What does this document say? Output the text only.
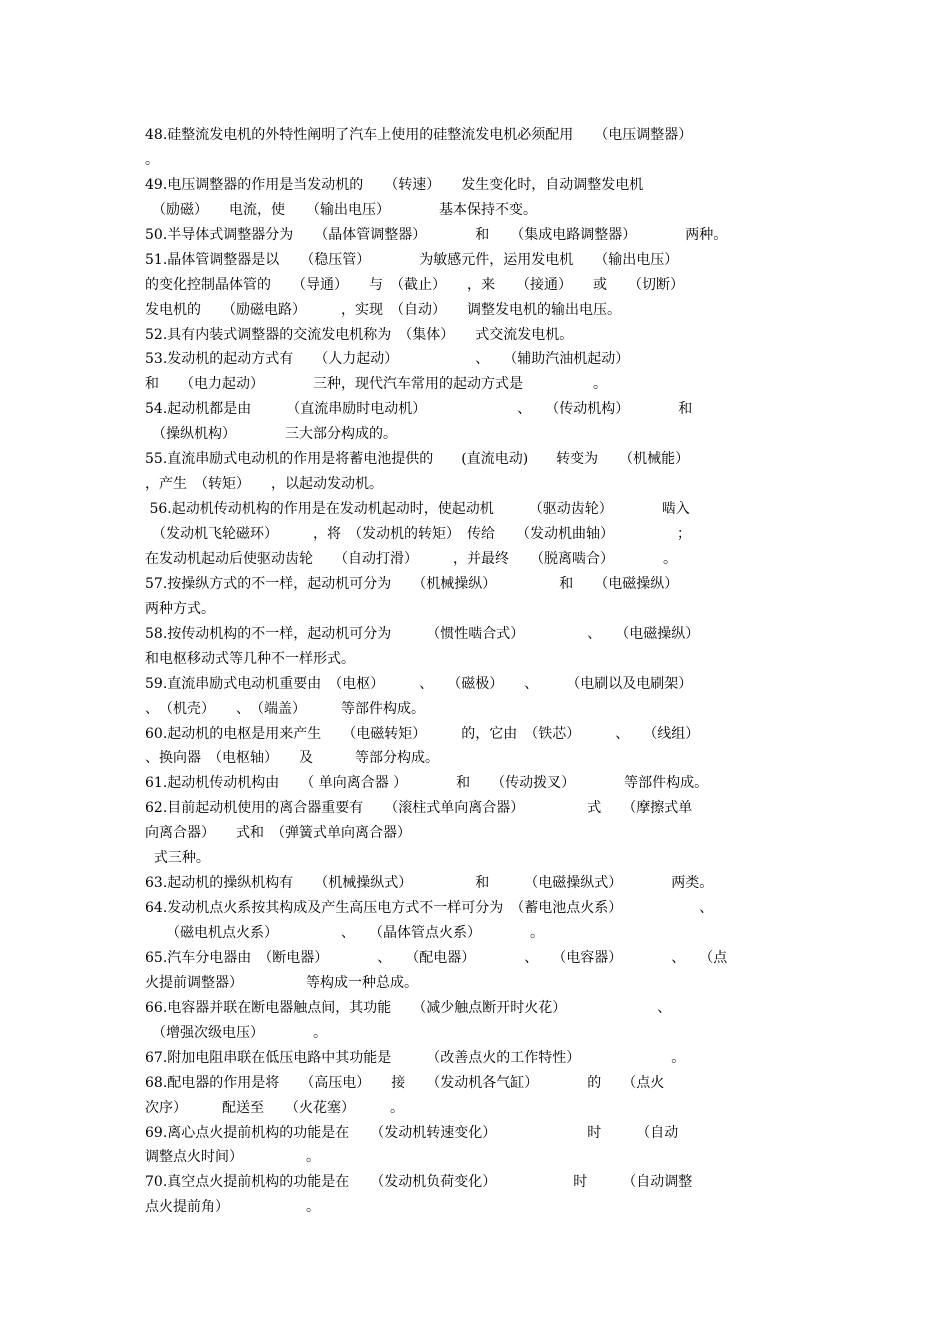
48.硅整流发电机的外特性阐明了汽车上使用的硅整流发电机必须配用　　（电压调整器）
。
49.电压调整器的作用是当发动机的　　（转速）　　发生变化时，自动调整发电机
　（励磁）　　电流，使　　（输出电压）　　　　基本保持不变。
50.半导体式调整器分为　　（晶体管调整器）　　　　和　　（集成电路调整器）　　　　两种。
51.晶体管调整器是以　　（稳压管）　　　　为敏感元件，运用发电机　　（输出电压）
的变化控制晶体管的　　（导通）　　与　（截止）　　，来　　（接通）　　或　　（切断）
发电机的　　（励磁电路）　　　，实现　（自动）　　调整发电机的输出电压。
52.具有内装式调整器的交流发电机称为　（集体）　　式交流发电机。
53.发动机的起动方式有　　（人力起动）　　　　　　、　　（辅助汽油机起动）
和　　（电力起动）　　　　三种，现代汽车常用的起动方式是　　　　　。
54.起动机都是由　　　（直流串励时电动机）　　　　　　　、　　（传动机构）　　　　和
　（操纵机构）　　　　三大部分构成的。
55.直流串励式电动机的作用是将蓄电池提供的　　(直流电动)　　转变为　　（机械能）
，产生　（转矩）　　，以起动发动机。
56.起动机传动机构的作用是在发动机起动时，使起动机　　　（驱动齿轮）　　　　啮入
　（发动机飞轮磁环）　　　，将　（发动机的转矩）　传给　　（发动机曲轴）　　　　　；
在发动机起动后使驱动齿轮　　（自动打滑）　　　，并最终　　（脱离啮合）　　　　。
57.按操纵方式的不一样，起动机可分为　　（机械操纵）　　　　　和　　（电磁操纵）
两种方式。
58.按传动机构的不一样，起动机可分为　　　（惯性啮合式）　　　　　、　　（电磁操纵）
和电枢移动式等几种不一样形式。
59.直流串励式电动机重要由　（电枢）　　　、　　（磁极）　　、　　　（电刷以及电刷架）
、　（机壳）　　、　（端盖）　　　等部件构成。
60.起动机的电枢是用来产生　　（电磁转矩）　　　的，它由　（铁芯）　　　、　　（线组）
、换向器　（电枢轴）　　及　　　等部分构成。
61.起动机传动机构由　　（ 单向离合器 ）　　　　和　　（传动拨叉）　　　　等部件构成。
62.目前起动机使用的离合器重要有　　（滚柱式单向离合器）　　　　　式　　（摩擦式单
向离合器）　　式和　（弹簧式单向离合器）
式三种。
63.起动机的操纵机构有　　（机械操纵式）　　　　　和　　　（电磁操纵式）　　　　两类。
64.发动机点火系按其构成及产生高压电方式不一样可分为　（蓄电池点火系）　　　　　　、
　　（磁电机点火系）　　　　　、　　（晶体管点火系）　　　　。
65.汽车分电器由　（断电器）　　　　、　　（配电器）　　　　、　　（电容器）　　　　、　　（点
火提前调整器）　　　　　等构成一种总成。
66.电容器并联在断电器触点间，其功能　　（减少触点断开时火花）　　　　　　　、
　（增强次级电压）　　　　。
67.附加电阻串联在低压电路中其功能是　　　（改善点火的工作特性）　　　　　　　。
68.配电器的作用是将　　（高压电）　　接　　（发动机各气缸）　　　　的　　（点火
次序）　　　配送至　　（火花塞）　　　。
69.离心点火提前机构的功能是在　　（发动机转速变化）　　　　　　　时　　　（自动
调整点火时间）　　　　　。
70.真空点火提前机构的功能是在　　（发动机负荷变化）　　　　　　时　　　（自动调整
点火提前角）　　　　　　。
